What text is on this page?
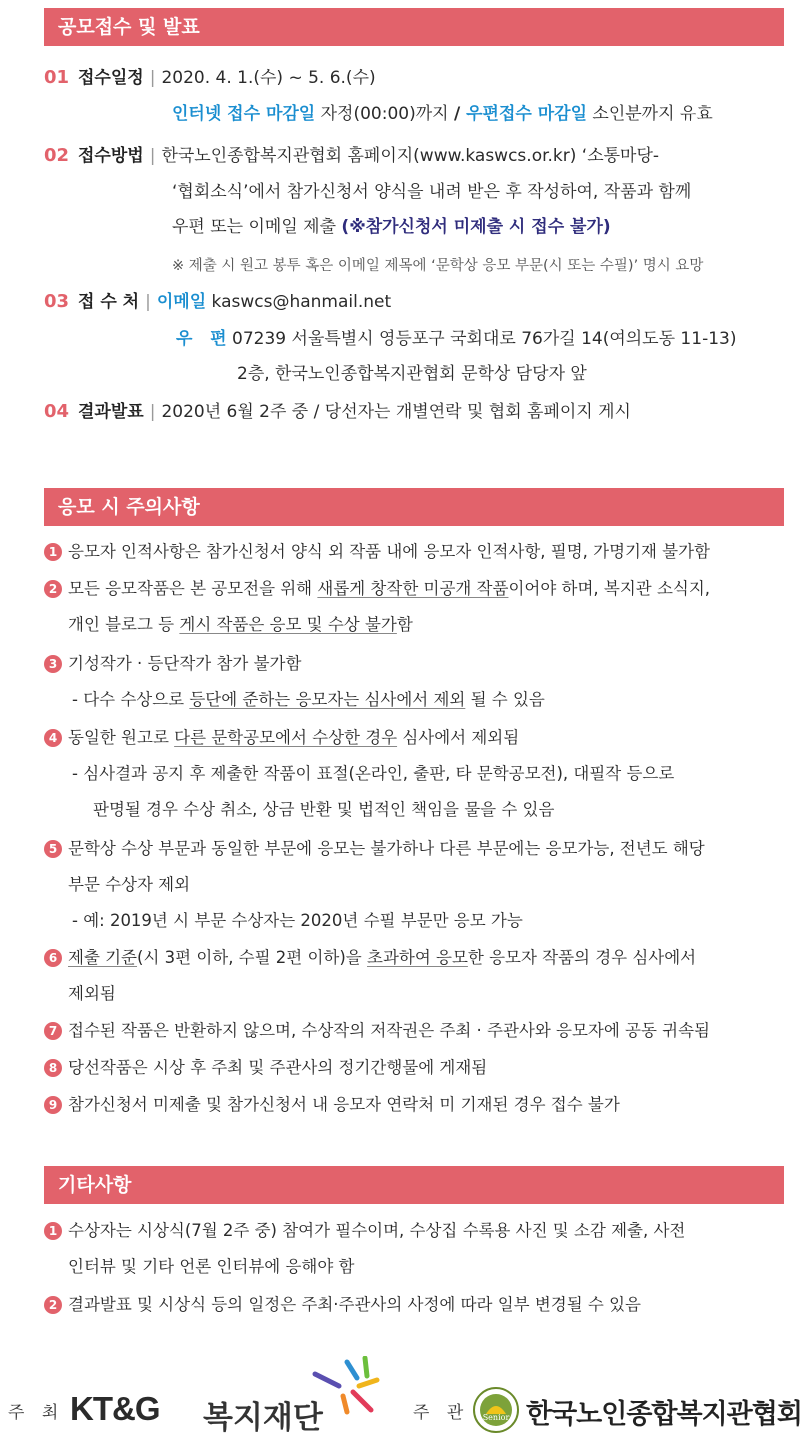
공모접수 및 발표
01 접수일정 | 2020. 4. 1.(수) ~ 5. 6.(수)
인터넷 접수 마감일 자정(00:00)까지 / 우편접수 마감일 소인분까지 유효
02 접수방법 | 한국노인종합복지관협회 홈페이지(www.kaswcs.or.kr) ‘소통마당-
‘협회소식’에서 참가신청서 양식을 내려 받은 후 작성하여, 작품과 함께
우편 또는 이메일 제출 (※참가신청서 미제출 시 접수 불가)
※ 제출 시 원고 봉투 혹은 이메일 제목에 ‘문학상 응모 부문(시 또는 수필)’ 명시 요망
03 접 수 처 | 이메일 kaswcs@hanmail.net
우   편 07239 서울특별시 영등포구 국회대로 76가길 14(여의도동 11-13)
2층, 한국노인종합복지관협회 문학상 담당자 앞
04 결과발표 | 2020년 6월 2주 중 / 당선자는 개별연락 및 협회 홈페이지 게시
응모 시 주의사항
1 응모자 인적사항은 참가신청서 양식 외 작품 내에 응모자 인적사항, 필명, 가명기재 불가함
2 모든 응모작품은 본 공모전을 위해 새롭게 창작한 미공개 작품이어야 하며, 복지관 소식지,
개인 블로그 등 게시 작품은 응모 및 수상 불가함
3 기성작가 · 등단작가 참가 불가함
- 다수 수상으로 등단에 준하는 응모자는 심사에서 제외 될 수 있음
4 동일한 원고로 다른 문학공모에서 수상한 경우 심사에서 제외됨
- 심사결과 공지 후 제출한 작품이 표절(온라인, 출판, 타 문학공모전), 대필작 등으로
판명될 경우 수상 취소, 상금 반환 및 법적인 책임을 물을 수 있음
5 문학상 수상 부문과 동일한 부문에 응모는 불가하나 다른 부문에는 응모가능, 전년도 해당
부문 수상자 제외
- 예: 2019년 시 부문 수상자는 2020년 수필 부문만 응모 가능
6 제출 기준(시 3편 이하, 수필 2편 이하)을 초과하여 응모한 응모자 작품의 경우 심사에서
제외됨
7 접수된 작품은 반환하지 않으며, 수상작의 저작권은 주최 · 주관사와 응모자에 공동 귀속됨
8 당선작품은 시상 후 주최 및 주관사의 정기간행물에 게재됨
9 참가신청서 미제출 및 참가신청서 내 응모자 연락처 미 기재된 경우 접수 불가
기타사항
1 수상자는 시상식(7월 2주 중) 참여가 필수이며, 수상집 수록용 사진 및 소감 제출, 사전
인터뷰 및 기타 언론 인터뷰에 응해야 함
2 결과발표 및 시상식 등의 일정은 주최·주관사의 사정에 따라 일부 변경될 수 있음
주 최 KT&G 복지재단	주 관 Senior 한국노인종합복지관협회
